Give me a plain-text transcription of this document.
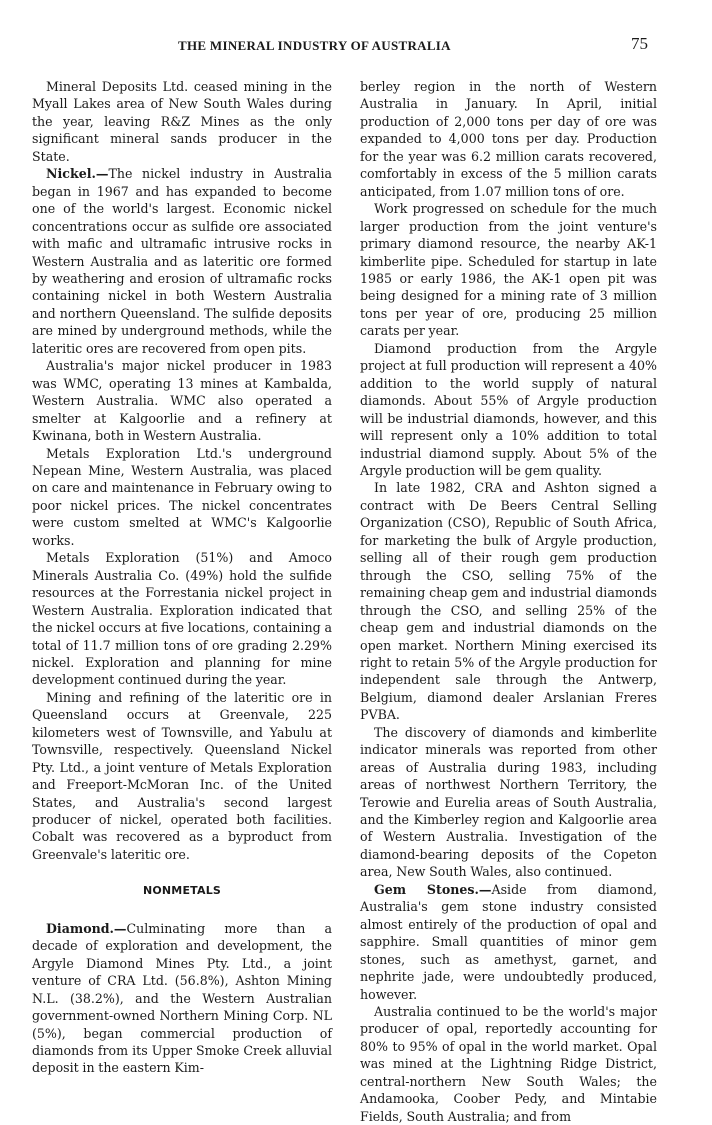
THE MINERAL INDUSTRY OF AUSTRALIA	75

Mineral Deposits Ltd. ceased mining in the Myall Lakes area of New South Wales during the year, leaving R&Z Mines as the only significant mineral sands producer in the State.

Nickel.—The nickel industry in Australia began in 1967 and has expanded to become one of the world's largest. Economic nickel concentrations occur as sulfide ore associated with mafic and ultramafic intrusive rocks in Western Australia and as lateritic ore formed by weathering and erosion of ultramafic rocks containing nickel in both Western Australia and northern Queensland. The sulfide deposits are mined by underground methods, while the lateritic ores are recovered from open pits.

Australia's major nickel producer in 1983 was WMC, operating 13 mines at Kambalda, Western Australia. WMC also operated a smelter at Kalgoorlie and a refinery at Kwinana, both in Western Australia.

Metals Exploration Ltd.'s underground Nepean Mine, Western Australia, was placed on care and maintenance in February owing to poor nickel prices. The nickel concentrates were custom smelted at WMC's Kalgoorlie works.

Metals Exploration (51%) and Amoco Minerals Australia Co. (49%) hold the sulfide resources at the Forrestania nickel project in Western Australia. Exploration indicated that the nickel occurs at five locations, containing a total of 11.7 million tons of ore grading 2.29% nickel. Exploration and planning for mine development continued during the year.

Mining and refining of the lateritic ore in Queensland occurs at Greenvale, 225 kilometers west of Townsville, and Yabulu at Townsville, respectively. Queensland Nickel Pty. Ltd., a joint venture of Metals Exploration and Freeport-McMoran Inc. of the United States, and Australia's second largest producer of nickel, operated both facilities. Cobalt was recovered as a byproduct from Greenvale's lateritic ore.

NONMETALS

Diamond.—Culminating more than a decade of exploration and development, the Argyle Diamond Mines Pty. Ltd., a joint venture of CRA Ltd. (56.8%), Ashton Mining N.L. (38.2%), and the Western Australian government-owned Northern Mining Corp. NL (5%), began commercial production of diamonds from its Upper Smoke Creek alluvial deposit in the eastern Kim-

berley region in the north of Western Australia in January. In April, initial production of 2,000 tons per day of ore was expanded to 4,000 tons per day. Production for the year was 6.2 million carats recovered, comfortably in excess of the 5 million carats anticipated, from 1.07 million tons of ore.

Work progressed on schedule for the much larger production from the joint venture's primary diamond resource, the nearby AK-1 kimberlite pipe. Scheduled for startup in late 1985 or early 1986, the AK-1 open pit was being designed for a mining rate of 3 million tons per year of ore, producing 25 million carats per year.

Diamond production from the Argyle project at full production will represent a 40% addition to the world supply of natural diamonds. About 55% of Argyle production will be industrial diamonds, however, and this will represent only a 10% addition to total industrial diamond supply. About 5% of the Argyle production will be gem quality.

In late 1982, CRA and Ashton signed a contract with De Beers Central Selling Organization (CSO), Republic of South Africa, for marketing the bulk of Argyle production, selling all of their rough gem production through the CSO, selling 75% of the remaining cheap gem and industrial diamonds through the CSO, and selling 25% of the cheap gem and industrial diamonds on the open market. Northern Mining exercised its right to retain 5% of the Argyle production for independent sale through the Antwerp, Belgium, diamond dealer Arslanian Freres PVBA.

The discovery of diamonds and kimberlite indicator minerals was reported from other areas of Australia during 1983, including areas of northwest Northern Territory, the Terowie and Eurelia areas of South Australia, and the Kimberley region and Kalgoorlie area of Western Australia. Investigation of the diamond-bearing deposits of the Copeton area, New South Wales, also continued.

Gem Stones.—Aside from diamond, Australia's gem stone industry consisted almost entirely of the production of opal and sapphire. Small quantities of minor gem stones, such as amethyst, garnet, and nephrite jade, were undoubtedly produced, however.

Australia continued to be the world's major producer of opal, reportedly accounting for 80% to 95% of opal in the world market. Opal was mined at the Lightning Ridge District, central-northern New South Wales; the Andamooka, Coober Pedy, and Mintabie Fields, South Australia; and from
